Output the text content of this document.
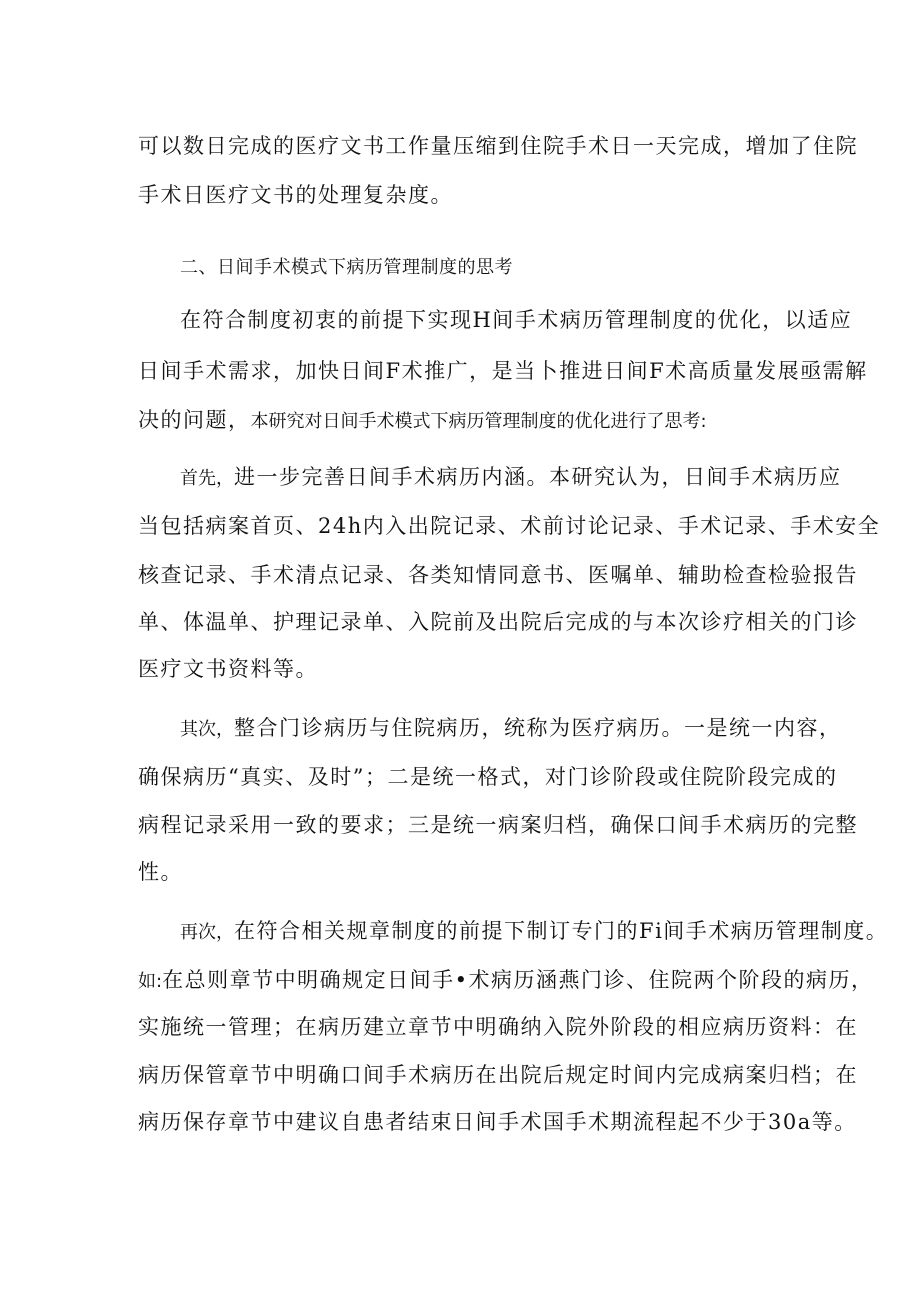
可以数日完成的医疗文书工作量压缩到住院手术日一天完成，增加了住院
手术日医疗文书的处理复杂度。
二、日间手术模式下病历管理制度的思考
在符合制度初衷的前提下实现H间手术病历管理制度的优化，以适应
日间手术需求，加快日间F术推广，是当卜推进日间F术高质量发展亟需解
决的问题，本研究对日间手术模式下病历管理制度的优化进行了思考:
首先，进一步完善日间手术病历内涵。本研究认为，日间手术病历应
当包括病案首页、24h内入出院记录、术前讨论记录、手术记录、手术安全
核查记录、手术清点记录、各类知情同意书、医嘱单、辅助检查检验报告
单、体温单、护理记录单、入院前及出院后完成的与本次诊疗相关的门诊
医疗文书资料等。
其次，整合门诊病历与住院病历，统称为医疗病历。一是统一内容，
确保病历“真实、及时”；二是统一格式，对门诊阶段或住院阶段完成的
病程记录采用一致的要求；三是统一病案归档，确保口间手术病历的完整
性。
再次，在符合相关规章制度的前提下制订专门的Fi间手术病历管理制度。
如:在总则章节中明确规定日间手•术病历涵燕门诊、住院两个阶段的病历，
实施统一管理；在病历建立章节中明确纳入院外阶段的相应病历资料：在
病历保管章节中明确口间手术病历在出院后规定时间内完成病案归档；在
病历保存章节中建议自患者结束日间手术国手术期流程起不少于30a等。
